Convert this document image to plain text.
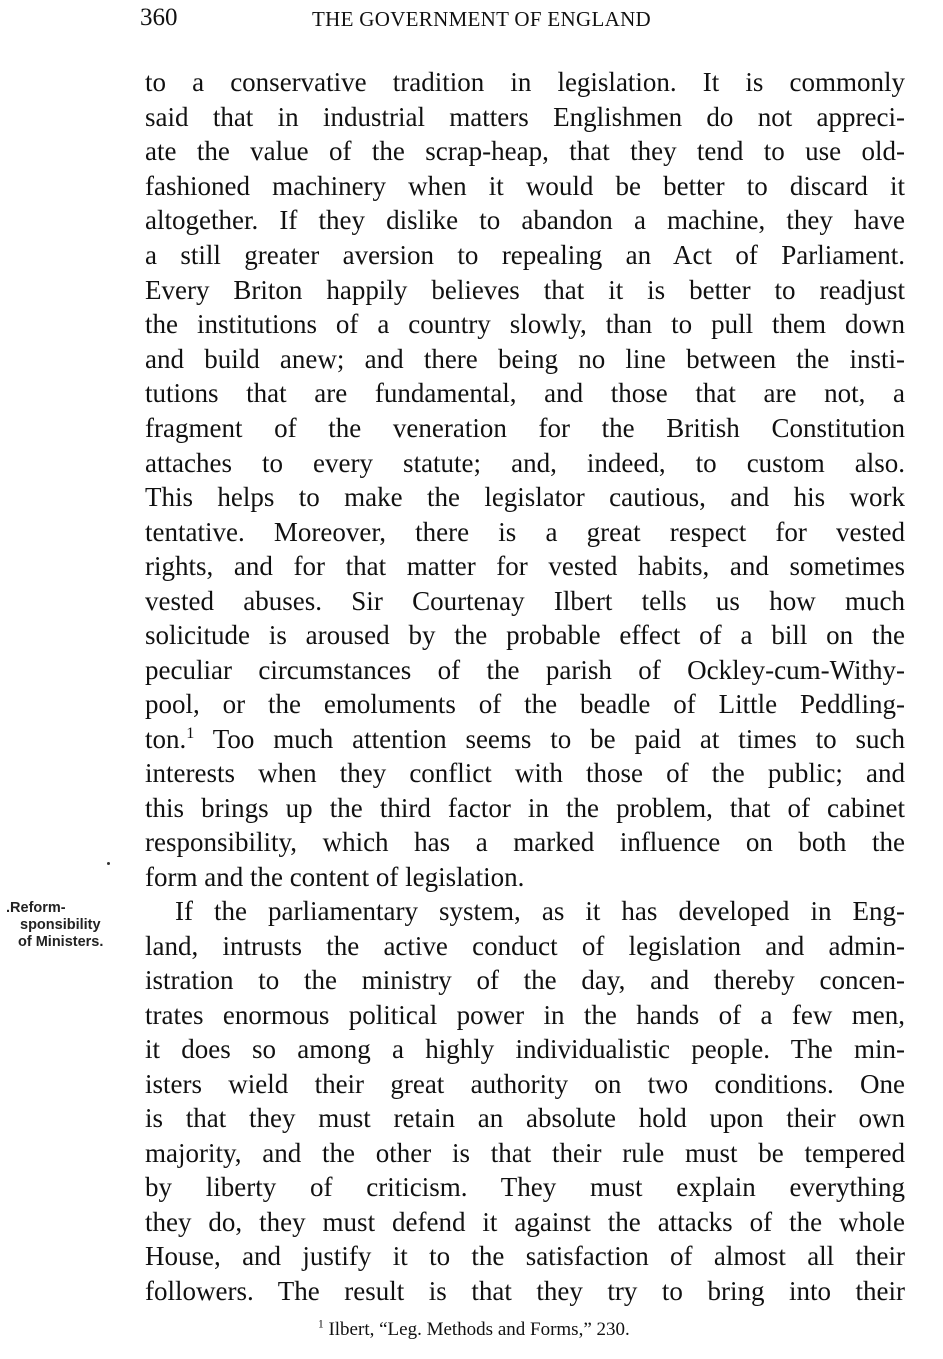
360	THE GOVERNMENT OF ENGLAND
.Reform-
sponsibility
of Ministers.
to a conservative tradition in legislation. It is commonly
said that in industrial matters Englishmen do not appreci-
ate the value of the scrap-heap, that they tend to use old-
fashioned machinery when it would be better to discard it
altogether. If they dislike to abandon a machine, they have
a still greater aversion to repealing an Act of Parliament.
Every Briton happily believes that it is better to readjust
the institutions of a country slowly, than to pull them down
and build anew; and there being no line between the insti-
tutions that are fundamental, and those that are not, a
fragment of the veneration for the British Constitution
attaches to every statute; and, indeed, to custom also.
This helps to make the legislator cautious, and his work
tentative. Moreover, there is a great respect for vested
rights, and for that matter for vested habits, and sometimes
vested abuses. Sir Courtenay Ilbert tells us how much
solicitude is aroused by the probable effect of a bill on the
peculiar circumstances of the parish of Ockley-cum-Withy-
pool, or the emoluments of the beadle of Little Peddling-
ton.$^1$ Too much attention seems to be paid at times to such
interests when they conflict with those of the public; and
this brings up the third factor in the problem, that of cabinet
responsibility, which has a marked influence on both the
form and the content of legislation.
If the parliamentary system, as it has developed in Eng-
land, intrusts the active conduct of legislation and admin-
istration to the ministry of the day, and thereby concen-
trates enormous political power in the hands of a few men,
it does so among a highly individualistic people. The min-
isters wield their great authority on two conditions. One
is that they must retain an absolute hold upon their own
majority, and the other is that their rule must be tempered
by liberty of criticism. They must explain everything
they do, they must defend it against the attacks of the whole
House, and justify it to the satisfaction of almost all their
followers. The result is that they try to bring into their
$^1$ Ilbert, “Leg. Methods and Forms,” 230.
